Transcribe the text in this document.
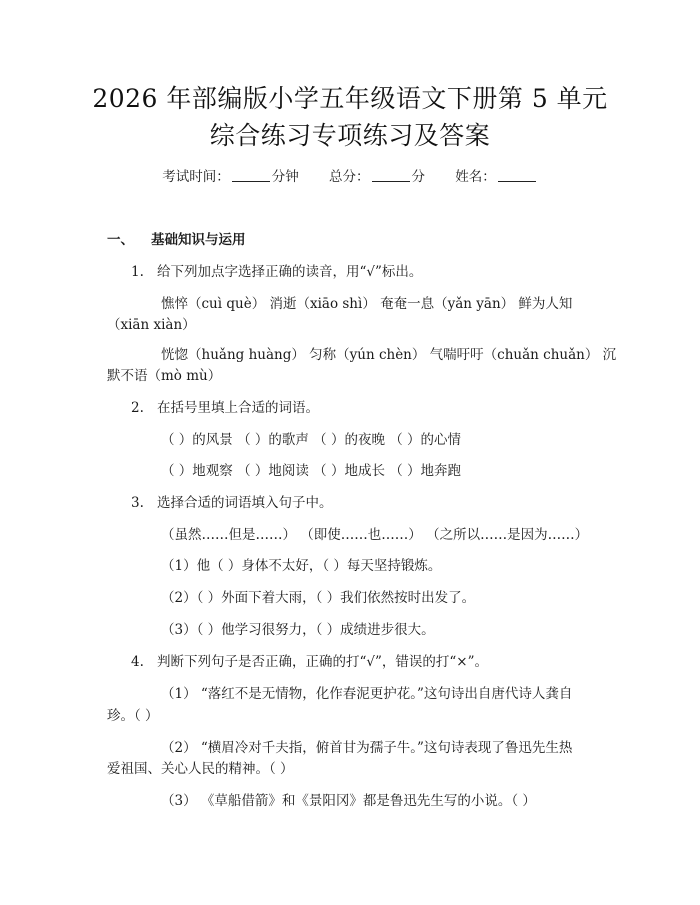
2026 年部编版小学五年级语文下册第 5 单元
综合练习专项练习及答案
考试时间：	分钟 总分：	分 姓名：
一、 基础知识与运用
1. 给下列加点字选择正确的读音，用“√”标出。
憔悴（cuì què） 消逝（xiāo shì） 奄奄一息（yǎn yān） 鲜为人知
（xiān xiàn）
恍惚（huǎng huàng） 匀称（yún chèn） 气喘吁吁（chuǎn chuǎn） 沉
默不语（mò mù）
2. 在括号里填上合适的词语。
（ ）的风景 （ ）的歌声 （ ）的夜晚 （ ）的心情
（ ）地观察 （ ）地阅读 （ ）地成长 （ ）地奔跑
3. 选择合适的词语填入句子中。
（虽然……但是……） （即使……也……） （之所以……是因为……）
（1）他（ ）身体不太好，（ ）每天坚持锻炼。
（2）（ ）外面下着大雨，（ ）我们依然按时出发了。
（3）（ ）他学习很努力，（ ）成绩进步很大。
4. 判断下列句子是否正确，正确的打“√”，错误的打“×”。
（1） “落红不是无情物，化作春泥更护花。”这句诗出自唐代诗人龚自
珍。（ ）
（2） “横眉冷对千夫指，俯首甘为孺子牛。”这句诗表现了鲁迅先生热
爱祖国、关心人民的精神。（ ）
（3） 《草船借箭》和《景阳冈》都是鲁迅先生写的小说。（ ）
